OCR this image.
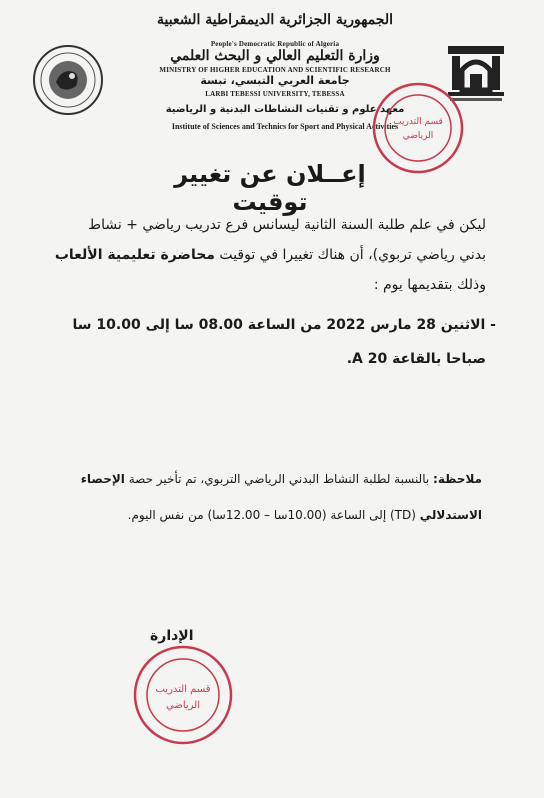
الجمهورية الجزائرية الديمقراطية الشعبية
People's Democratic Republic of Algeria
وزارة التعليم العالي و البحث العلمي
MINISTRY OF HIGHER EDUCATION AND SCIENTIFIC RESEARCH
جامعة العربي التبسي، تبسة
LARBI TEBESSI UNIVERSITY, TEBESSA
معهد علوم و تقنيات النشاطات البدنية و الرياضية
Institute of Sciences and Technics for Sport and Physical Activities
قسم التدريب
الرياضي
إعــلان عن تغيير توقيت
ليكن في علم طلبة السنة الثانية ليسانس فرع تدريب رياضي + نشاط
بدني رياضي تربوي)، أن هناك تغييرا في توقيت محاضرة تعليمية الألعاب
وذلك بتقديمها يوم :
- الاثنين 28 مارس 2022 من الساعة 08.00 سا إلى 10.00 سا
صباحا بالقاعة A 20.
ملاحظة: بالنسبة لطلبة النشاط البدني الرياضي التربوي، تم تأخير حصة الإحصاء
الاستدلالي (TD) إلى الساعة (10.00سا – 12.00سا) من نفس اليوم.
الإدارة
قسم التدريب
الرياضي
